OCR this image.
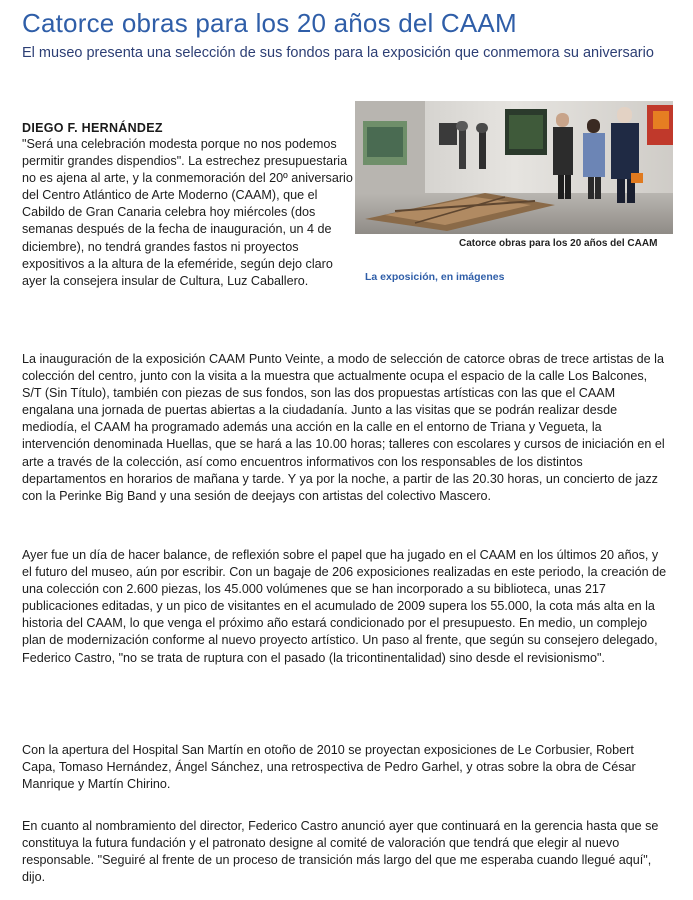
Catorce obras para los 20 años del CAAM

El museo presenta una selección de sus fondos para la exposición que conmemora su aniversario

DIEGO F. HERNÁNDEZ

"Será una celebración modesta porque no nos podemos permitir grandes dispendios". La estrechez presupuestaria no es ajena al arte, y la conmemoración del 20º aniversario del Centro Atlántico de Arte Moderno (CAAM), que el Cabildo de Gran Canaria celebra hoy miércoles (dos semanas después de la fecha de inauguración, un 4 de diciembre), no tendrá grandes fastos ni proyectos expositivos a la altura de la efeméride, según dejo claro ayer la consejera insular de Cultura, Luz Caballero.

Catorce obras para los 20 años del CAAM
La exposición, en imágenes

La inauguración de la exposición CAAM Punto Veinte, a modo de selección de catorce obras de trece artistas de la colección del centro, junto con la visita a la muestra que actualmente ocupa el espacio de la calle Los Balcones, S/T (Sin Título), también con piezas de sus fondos, son las dos propuestas artísticas con las que el CAAM engalana una jornada de puertas abiertas a la ciudadanía. Junto a las visitas que se podrán realizar desde mediodía, el CAAM ha programado además una acción en la calle en el entorno de Triana y Vegueta, la intervención denominada Huellas, que se hará a las 10.00 horas; talleres con escolares y cursos de iniciación en el arte a través de la colección, así como encuentros informativos con los responsables de los distintos departamentos en horarios de mañana y tarde. Y ya por la noche, a partir de las 20.30 horas, un concierto de jazz con la Perinke Big Band y una sesión de deejays con artistas del colectivo Mascero.

Ayer fue un día de hacer balance, de reflexión sobre el papel que ha jugado en el CAAM en los últimos 20 años, y el futuro del museo, aún por escribir. Con un bagaje de 206 exposiciones realizadas en este periodo, la creación de una colección con 2.600 piezas, los 45.000 volúmenes que se han incorporado a su biblioteca, unas 217 publicaciones editadas, y un pico de visitantes en el acumulado de 2009 supera los 55.000, la cota más alta en la historia del CAAM, lo que venga el próximo año estará condicionado por el presupuesto. En medio, un complejo plan de modernización conforme al nuevo proyecto artístico. Un paso al frente, que según su consejero delegado, Federico Castro, "no se trata de ruptura con el pasado (la tricontinentalidad) sino desde el revisionismo".

Con la apertura del Hospital San Martín en otoño de 2010 se proyectan exposiciones de Le Corbusier, Robert Capa, Tomaso Hernández, Ángel Sánchez, una retrospectiva de Pedro Garhel, y otras sobre la obra de César Manrique y Martín Chirino.

En cuanto al nombramiento del director, Federico Castro anunció ayer que continuará en la gerencia hasta que se constituya la futura fundación y el patronato designe al comité de valoración que tendrá que elegir al nuevo responsable. "Seguiré al frente de un proceso de transición más largo del que me esperaba cuando llegué aquí", dijo.
